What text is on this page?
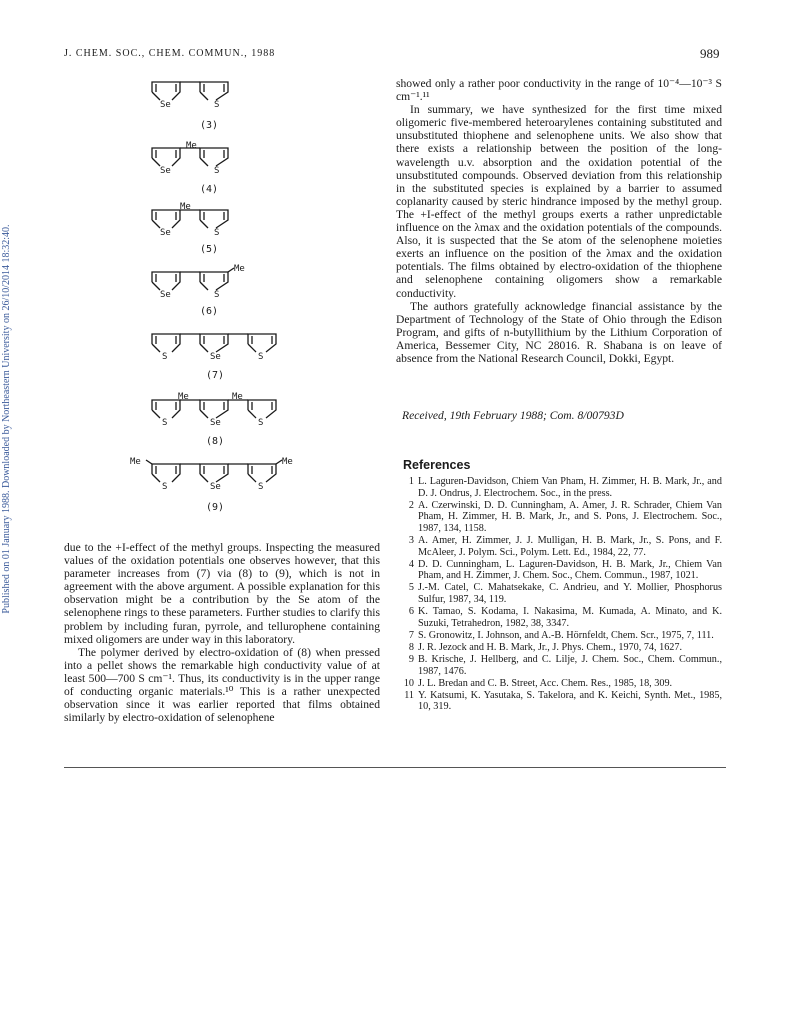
Published on 01 January 1988. Downloaded by Northeastern University on 26/10/2014 18:32:40.
J. CHEM. SOC., CHEM. COMMUN., 1988	989
Se	S
(3)
Me
Se	S
(4)
Me
Se	S
(5)
Me
Se	S
(6)
S	Se	S
(7)
Me	Me
S	Se	S
(8)
Me	Me
S	Se	S
(9)

due to the +I-effect of the methyl groups. Inspecting the measured values of the oxidation potentials one observes however, that this parameter increases from (7) via (8) to (9), which is not in agreement with the above argument. A possible explanation for this observation might be a contribution by the Se atom of the selenophene rings to these parameters. Further studies to clarify this problem by including furan, pyrrole, and tellurophene containing mixed oligomers are under way in this laboratory.

The polymer derived by electro-oxidation of (8) when pressed into a pellet shows the remarkable high conductivity value of at least 500—700 S cm⁻¹. Thus, its conductivity is in the upper range of conducting organic materials.¹⁰ This is a rather unexpected observation since it was earlier reported that films obtained similarly by electro-oxidation of selenophene

showed only a rather poor conductivity in the range of 10⁻⁴—10⁻³ S cm⁻¹.¹¹

In summary, we have synthesized for the first time mixed oligomeric five-membered heteroarylenes containing substituted and unsubstituted thiophene and selenophene units. We also show that there exists a relationship between the position of the long-wavelength u.v. absorption and the oxidation potential of the unsubstituted compounds. Observed deviation from this relationship in the substituted species is explained by a barrier to assumed coplanarity caused by steric hindrance imposed by the methyl group. The +I-effect of the methyl groups exerts a rather unpredictable influence on the λmax and the oxidation potentials of the compounds. Also, it is suspected that the Se atom of the selenophene moieties exerts an influence on the position of the λmax and the oxidation potentials. The films obtained by electro-oxidation of the thiophene and selenophene containing oligomers show a remarkable conductivity.

The authors gratefully acknowledge financial assistance by the Department of Technology of the State of Ohio through the Edison Program, and gifts of n-butyllithium by the Lithium Corporation of America, Bessemer City, NC 28016. R. Shabana is on leave of absence from the National Research Council, Dokki, Egypt.

Received, 19th February 1988; Com. 8/00793D
References
1 L. Laguren-Davidson, Chiem Van Pham, H. Zimmer, H. B. Mark, Jr., and D. J. Ondrus, J. Electrochem. Soc., in the press.
2 A. Czerwinski, D. D. Cunningham, A. Amer, J. R. Schrader, Chiem Van Pham, H. Zimmer, H. B. Mark, Jr., and S. Pons, J. Electrochem. Soc., 1987, 134, 1158.
3 A. Amer, H. Zimmer, J. J. Mulligan, H. B. Mark, Jr., S. Pons, and F. McAleer, J. Polym. Sci., Polym. Lett. Ed., 1984, 22, 77.
4 D. D. Cunningham, L. Laguren-Davidson, H. B. Mark, Jr., Chiem Van Pham, and H. Zimmer, J. Chem. Soc., Chem. Commun., 1987, 1021.
5 J.-M. Catel, C. Mahatsekake, C. Andrieu, and Y. Mollier, Phosphorus Sulfur, 1987, 34, 119.
6 K. Tamao, S. Kodama, I. Nakasima, M. Kumada, A. Minato, and K. Suzuki, Tetrahedron, 1982, 38, 3347.
7 S. Gronowitz, I. Johnson, and A.-B. Hörnfeldt, Chem. Scr., 1975, 7, 111.
8 J. R. Jezock and H. B. Mark, Jr., J. Phys. Chem., 1970, 74, 1627.
9 B. Krische, J. Hellberg, and C. Lilje, J. Chem. Soc., Chem. Commun., 1987, 1476.
10 J. L. Bredan and C. B. Street, Acc. Chem. Res., 1985, 18, 309.
11 Y. Katsumi, K. Yasutaka, S. Takelora, and K. Keichi, Synth. Met., 1985, 10, 319.
